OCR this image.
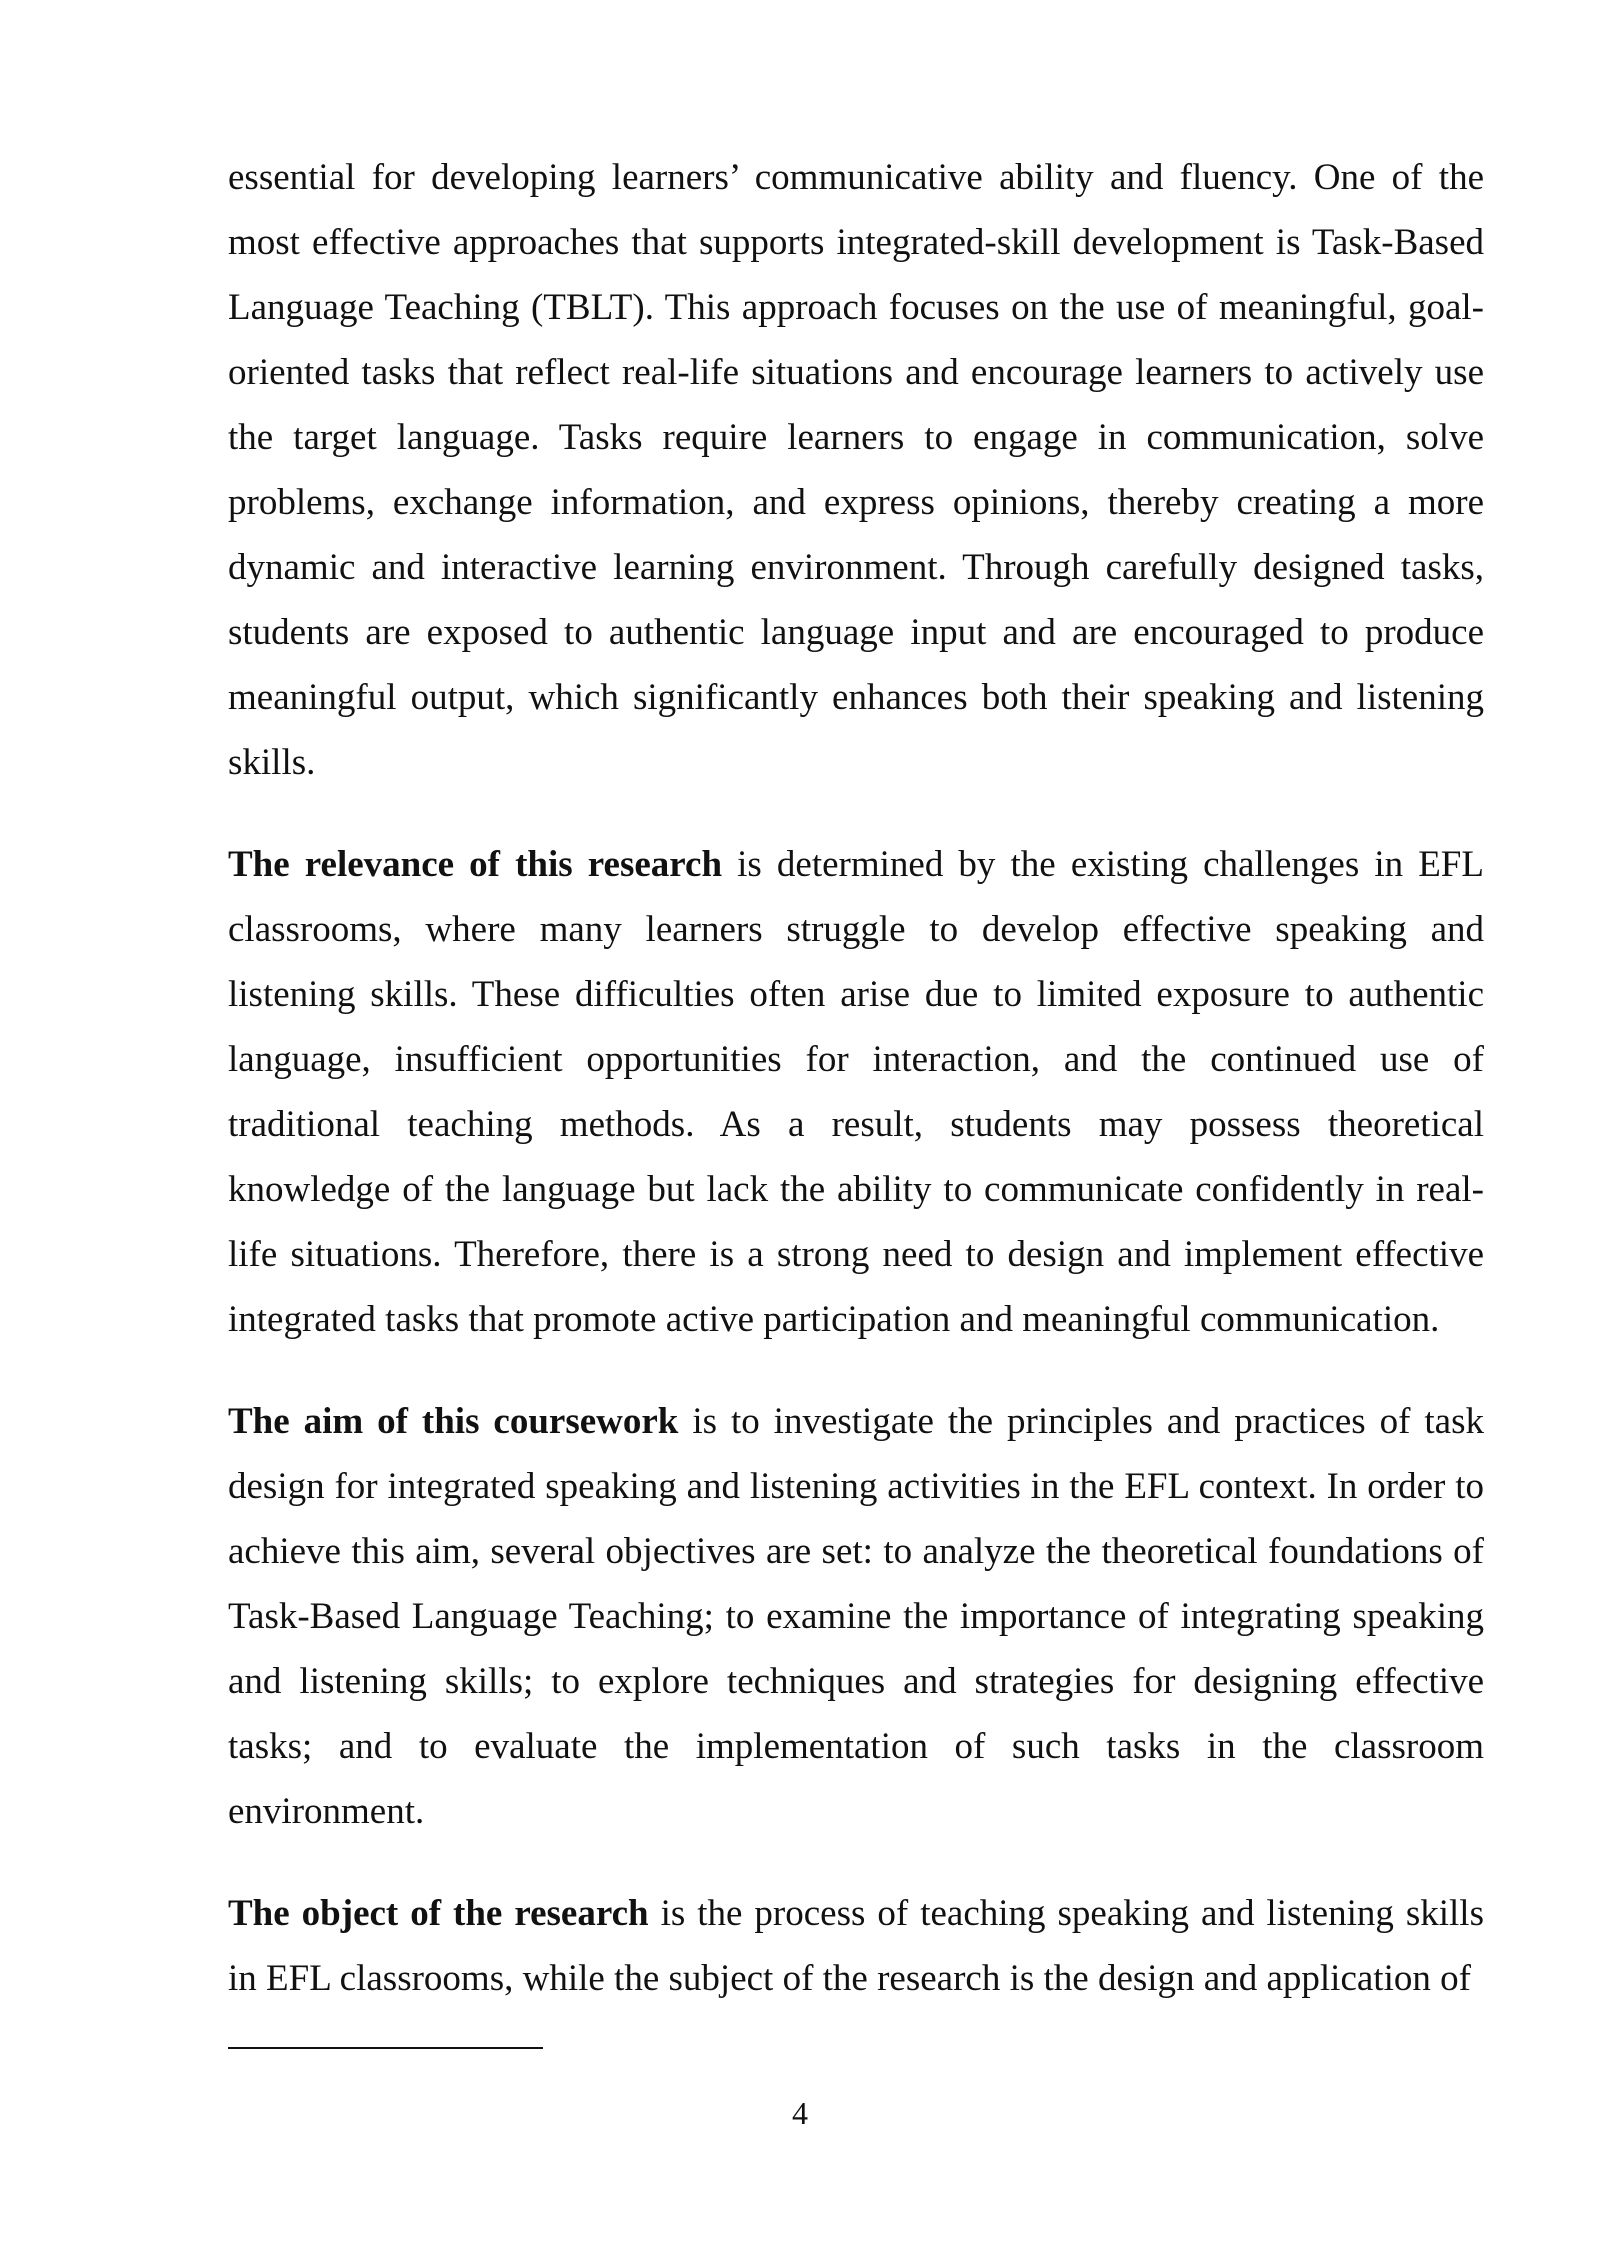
essential for developing learners’ communicative ability and fluency. One of the most effective approaches that supports integrated-skill development is Task-Based Language Teaching (TBLT). This approach focuses on the use of meaningful, goal-oriented tasks that reflect real-life situations and encourage learners to actively use the target language. Tasks require learners to engage in communication, solve problems, exchange information, and express opinions, thereby creating a more dynamic and interactive learning environment. Through carefully designed tasks, students are exposed to authentic language input and are encouraged to produce meaningful output, which significantly enhances both their speaking and listening skills.

The relevance of this research is determined by the existing challenges in EFL classrooms, where many learners struggle to develop effective speaking and listening skills. These difficulties often arise due to limited exposure to authentic language, insufficient opportunities for interaction, and the continued use of traditional teaching methods. As a result, students may possess theoretical knowledge of the language but lack the ability to communicate confidently in real-life situations. Therefore, there is a strong need to design and implement effective integrated tasks that promote active participation and meaningful communication.

The aim of this coursework is to investigate the principles and practices of task design for integrated speaking and listening activities in the EFL context. In order to achieve this aim, several objectives are set: to analyze the theoretical foundations of Task-Based Language Teaching; to examine the importance of integrating speaking and listening skills; to explore techniques and strategies for designing effective tasks; and to evaluate the implementation of such tasks in the classroom environment.

The object of the research is the process of teaching speaking and listening skills in EFL classrooms, while the subject of the research is the design and application of

4
